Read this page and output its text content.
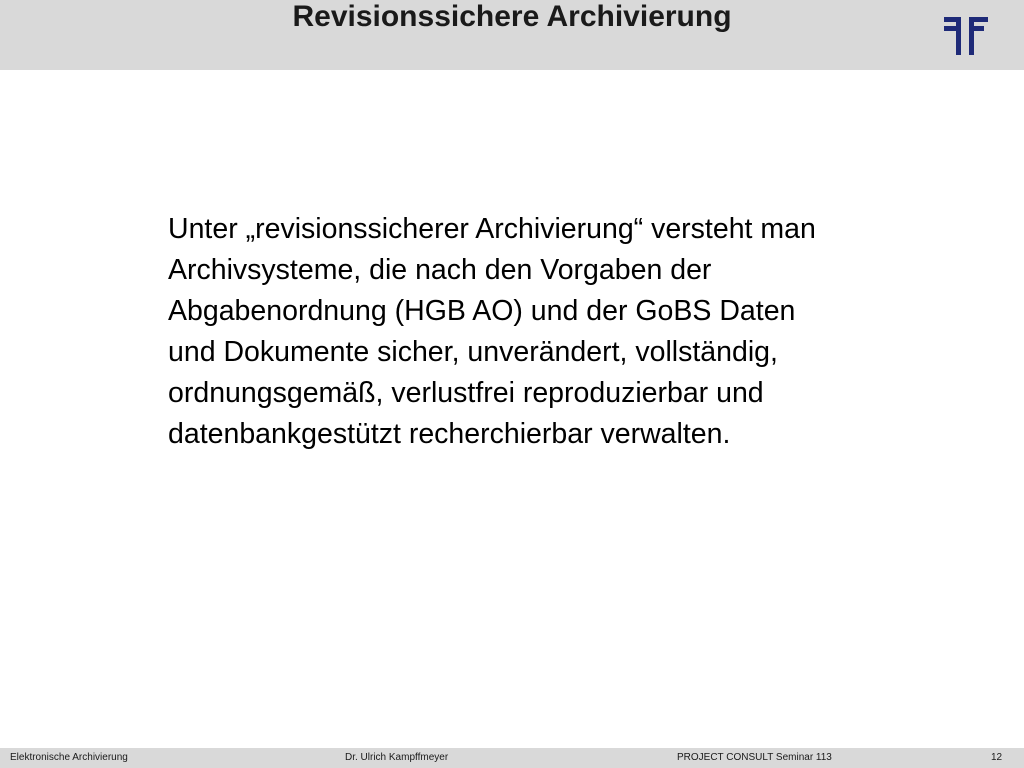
Revisionssichere Archivierung

Unter „revisionssicherer Archivierung“ versteht man
Archivsysteme, die nach den Vorgaben der
Abgabenordnung (HGB AO) und der GoBS Daten
und Dokumente sicher, unverändert, vollständig,
ordnungsgemäß, verlustfrei reproduzierbar und
datenbankgestützt recherchierbar verwalten.

Elektronische Archivierung	Dr. Ulrich Kampffmeyer	PROJECT CONSULT Seminar 113	12
